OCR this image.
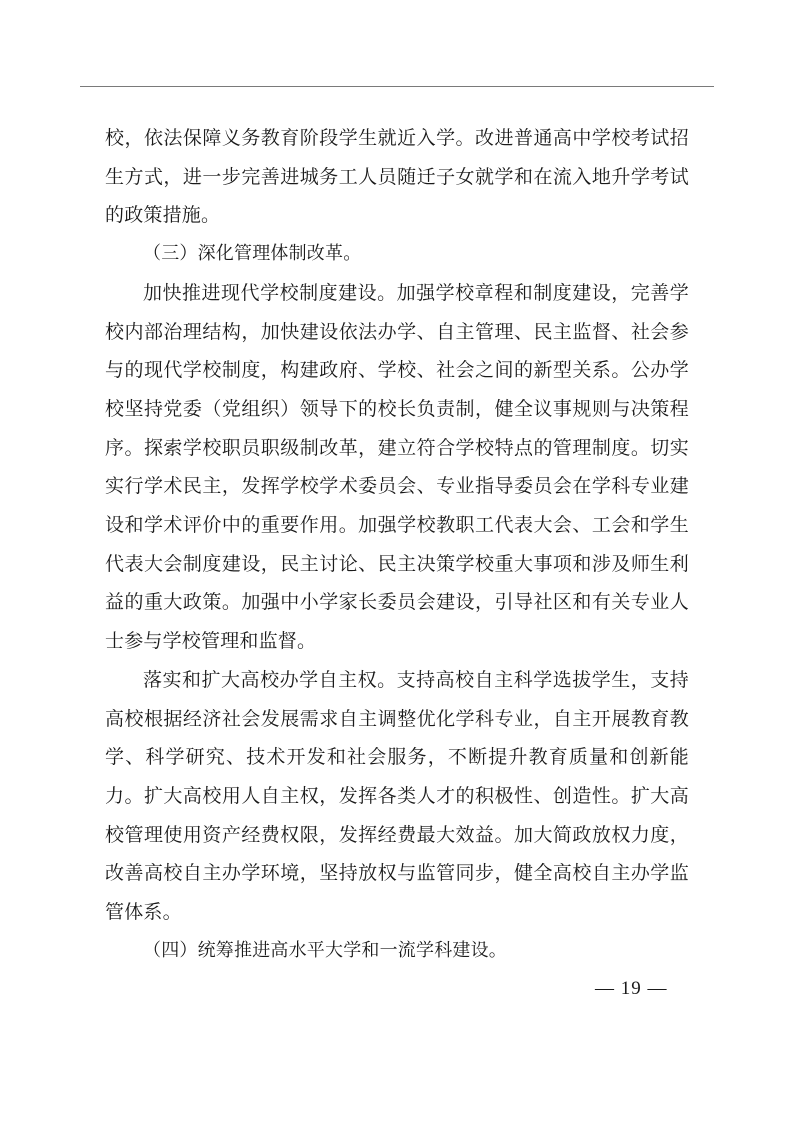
校，依法保障义务教育阶段学生就近入学。改进普通高中学校考试招生方式，进一步完善进城务工人员随迁子女就学和在流入地升学考试的政策措施。

（三）深化管理体制改革。

加快推进现代学校制度建设。加强学校章程和制度建设，完善学校内部治理结构，加快建设依法办学、自主管理、民主监督、社会参与的现代学校制度，构建政府、学校、社会之间的新型关系。公办学校坚持党委（党组织）领导下的校长负责制，健全议事规则与决策程序。探索学校职员职级制改革，建立符合学校特点的管理制度。切实实行学术民主，发挥学校学术委员会、专业指导委员会在学科专业建设和学术评价中的重要作用。加强学校教职工代表大会、工会和学生代表大会制度建设，民主讨论、民主决策学校重大事项和涉及师生利益的重大政策。加强中小学家长委员会建设，引导社区和有关专业人士参与学校管理和监督。

落实和扩大高校办学自主权。支持高校自主科学选拔学生，支持高校根据经济社会发展需求自主调整优化学科专业，自主开展教育教学、科学研究、技术开发和社会服务，不断提升教育质量和创新能力。扩大高校用人自主权，发挥各类人才的积极性、创造性。扩大高校管理使用资产经费权限，发挥经费最大效益。加大简政放权力度，改善高校自主办学环境，坚持放权与监管同步，健全高校自主办学监管体系。

（四）统筹推进高水平大学和一流学科建设。

— 19 —
